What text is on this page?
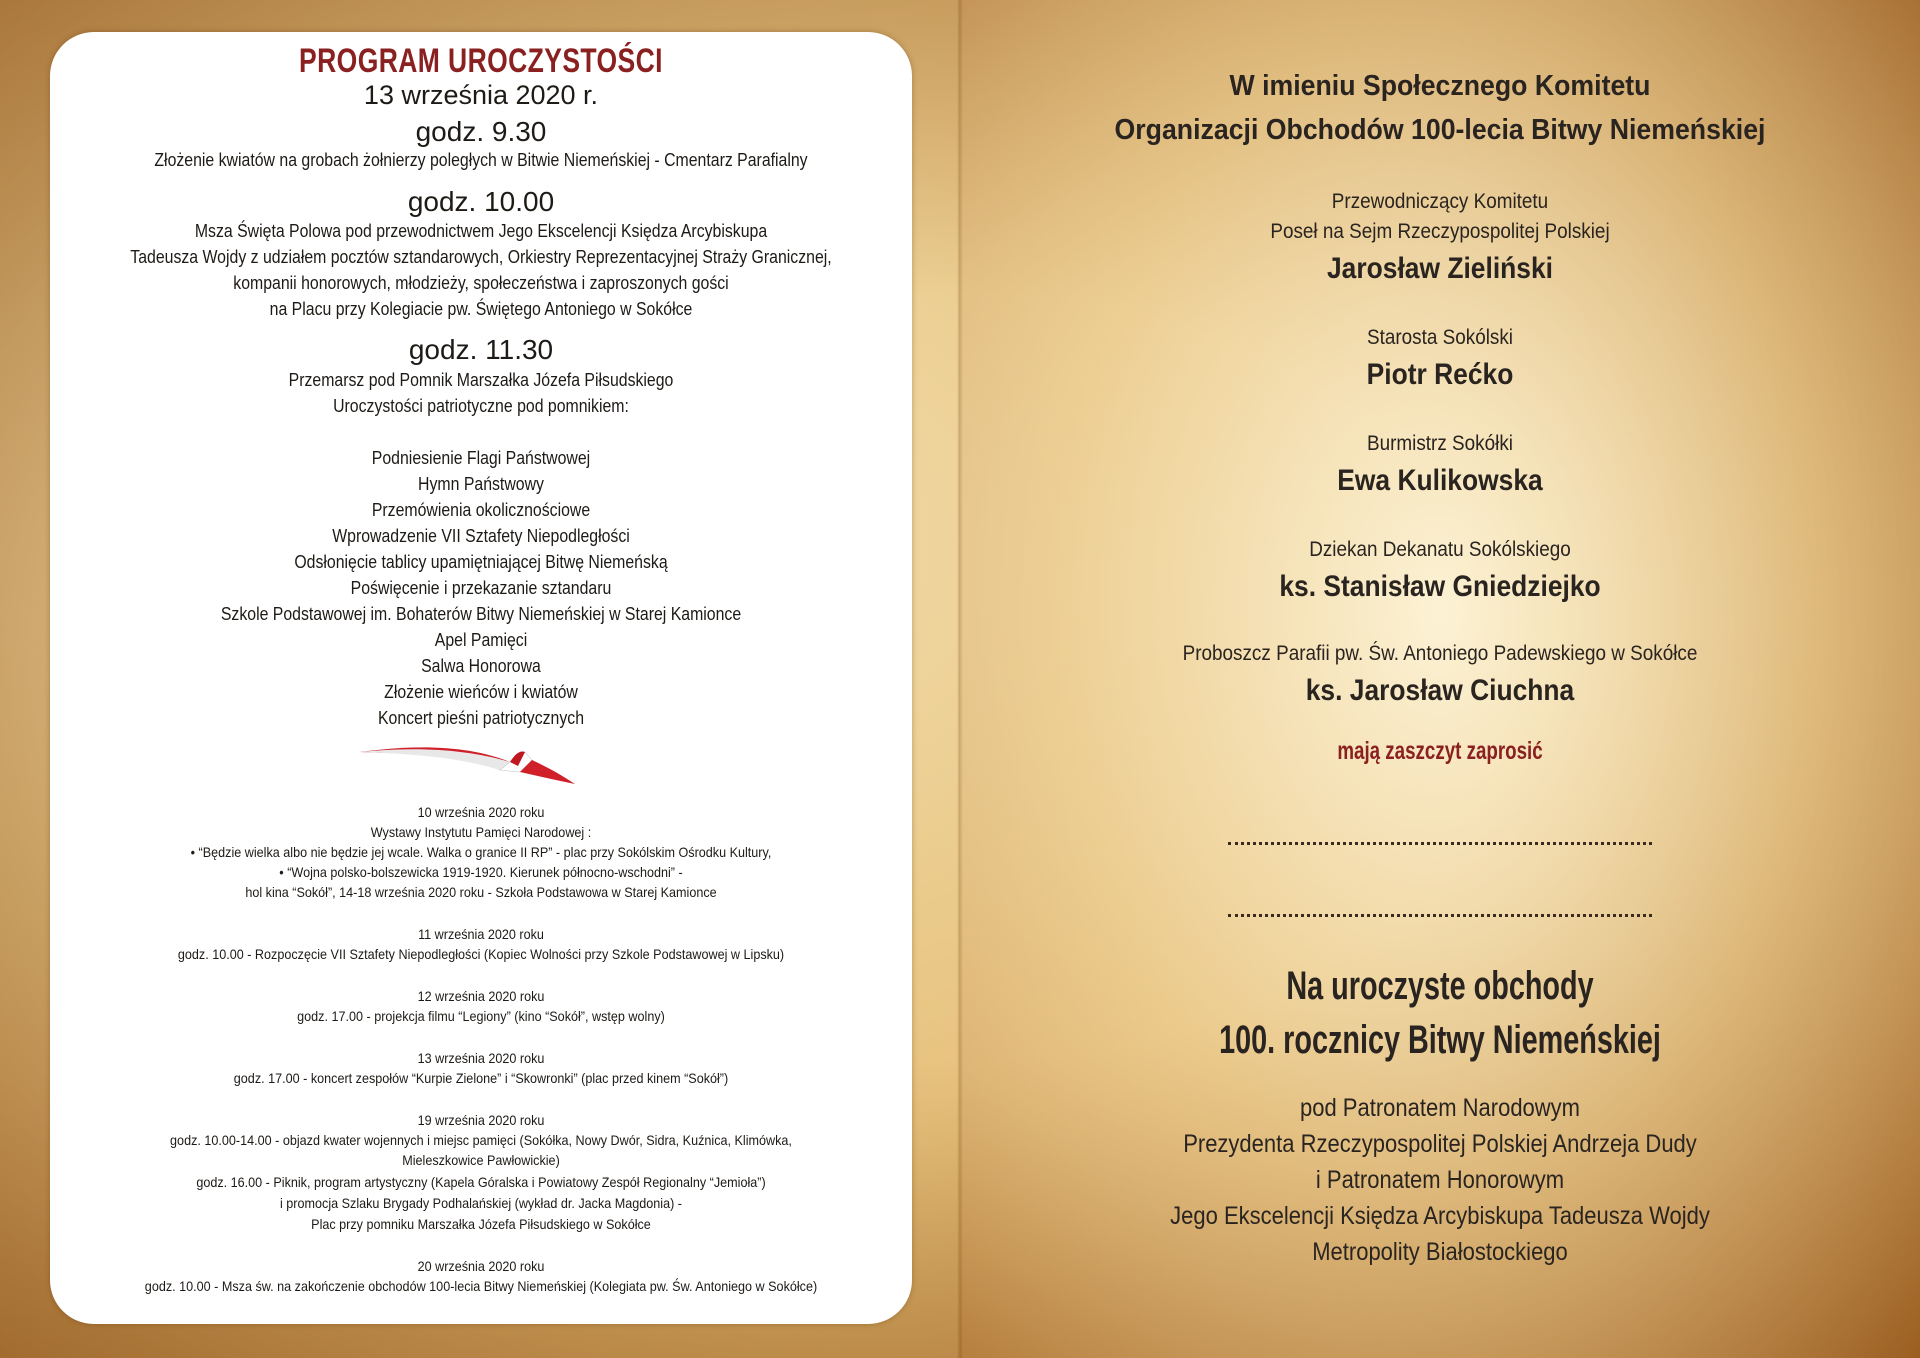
PROGRAM UROCZYSTOŚCI
13 września 2020 r.
godz. 9.30
Złożenie kwiatów na grobach żołnierzy poległych w Bitwie Niemeńskiej - Cmentarz Parafialny
godz. 10.00
Msza Święta Polowa pod przewodnictwem Jego Ekscelencji Księdza Arcybiskupa
Tadeusza Wojdy z udziałem pocztów sztandarowych, Orkiestry Reprezentacyjnej Straży Granicznej,
kompanii honorowych, młodzieży, społeczeństwa i zaproszonych gości
na Placu przy Kolegiacie pw. Świętego Antoniego w Sokółce
godz. 11.30
Przemarsz pod Pomnik Marszałka Józefa Piłsudskiego
Uroczystości patriotyczne pod pomnikiem:
Podniesienie Flagi Państwowej
Hymn Państwowy
Przemówienia okolicznościowe
Wprowadzenie VII Sztafety Niepodległości
Odsłonięcie tablicy upamiętniającej Bitwę Niemeńską
Poświęcenie i przekazanie sztandaru
Szkole Podstawowej im. Bohaterów Bitwy Niemeńskiej w Starej Kamionce
Apel Pamięci
Salwa Honorowa
Złożenie wieńców i kwiatów
Koncert pieśni patriotycznych
10 września 2020 roku
Wystawy Instytutu Pamięci Narodowej :
• “Będzie wielka albo nie będzie jej wcale. Walka o granice II RP” - plac przy Sokólskim Ośrodku Kultury,
• “Wojna polsko-bolszewicka 1919-1920. Kierunek północno-wschodni” -
hol kina “Sokół”, 14-18 września 2020 roku - Szkoła Podstawowa w Starej Kamionce
11 września 2020 roku
godz. 10.00 - Rozpoczęcie VII Sztafety Niepodległości (Kopiec Wolności przy Szkole Podstawowej w Lipsku)
12 września 2020 roku
godz. 17.00 - projekcja filmu “Legiony” (kino “Sokół”, wstęp wolny)
13 września 2020 roku
godz. 17.00 - koncert zespołów “Kurpie Zielone” i “Skowronki” (plac przed kinem “Sokół”)
19 września 2020 roku
godz. 10.00-14.00 - objazd kwater wojennych i miejsc pamięci (Sokółka, Nowy Dwór, Sidra, Kuźnica, Klimówka,
Mieleszkowice Pawłowickie)
godz. 16.00 - Piknik, program artystyczny (Kapela Góralska i Powiatowy Zespół Regionalny “Jemioła”)
i promocja Szlaku Brygady Podhalańskiej (wykład dr. Jacka Magdonia) -
Plac przy pomniku Marszałka Józefa Piłsudskiego w Sokółce
20 września 2020 roku
godz. 10.00 - Msza św. na zakończenie obchodów 100-lecia Bitwy Niemeńskiej (Kolegiata pw. Św. Antoniego w Sokółce)
W imieniu Społecznego Komitetu
Organizacji Obchodów 100-lecia Bitwy Niemeńskiej
Przewodniczący Komitetu
Poseł na Sejm Rzeczypospolitej Polskiej
Jarosław Zieliński
Starosta Sokólski
Piotr Rećko
Burmistrz Sokółki
Ewa Kulikowska
Dziekan Dekanatu Sokólskiego
ks. Stanisław Gniedziejko
Proboszcz Parafii pw. Św. Antoniego Padewskiego w Sokółce
ks. Jarosław Ciuchna
mają zaszczyt zaprosić
Na uroczyste obchody
100. rocznicy Bitwy Niemeńskiej
pod Patronatem Narodowym
Prezydenta Rzeczypospolitej Polskiej Andrzeja Dudy
i Patronatem Honorowym
Jego Ekscelencji Księdza Arcybiskupa Tadeusza Wojdy
Metropolity Białostockiego
